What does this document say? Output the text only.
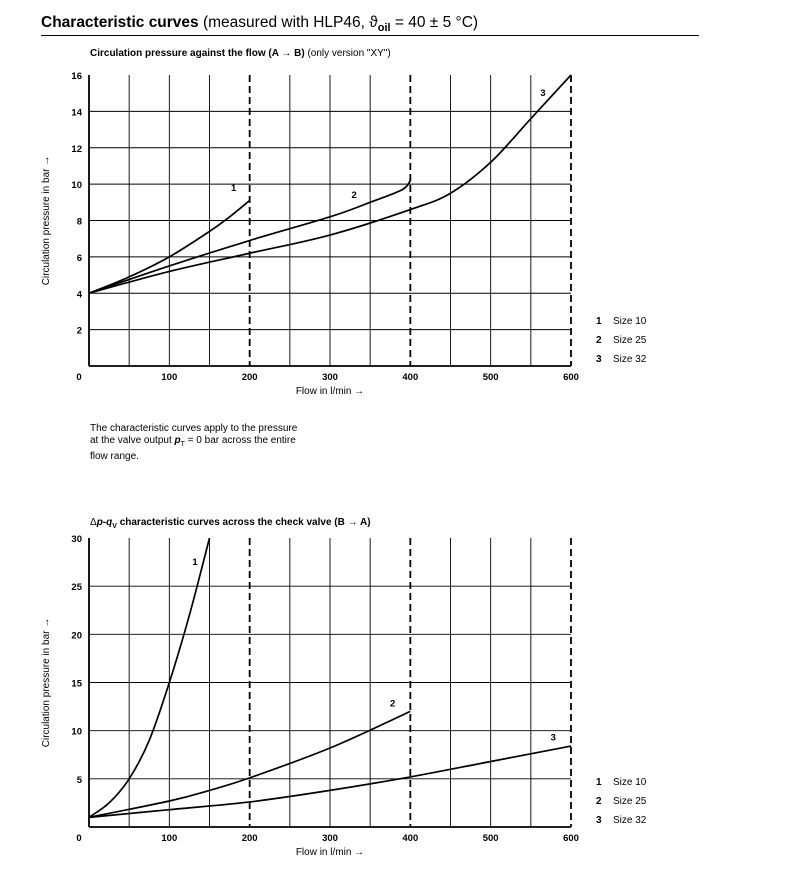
Characteristic curves (measured with HLP46, $ϑ_{oil} = 40 \pm 5$ °C)
Circulation pressure against the flow (A → B) (only version "XY")
2
4
6
8
10
12
14
16
0	100	200	300	400	500	600
Flow in l/min →
Circulation pressure in bar →	1
2
3
1 Size 10
2 Size 25
3 Size 32
The characteristic curves apply to the pressure
at the valve output $p_T = 0$ bar across the entire
flow range.
$\Delta p-q_V$ characteristic curves across the check valve (B → A)
5
10
15
20
25
30
0	100	200	300	400	500	600
Flow in l/min →
Circulation pressure in bar →
1
2
3
1 Size 10
2 Size 25
3 Size 32
